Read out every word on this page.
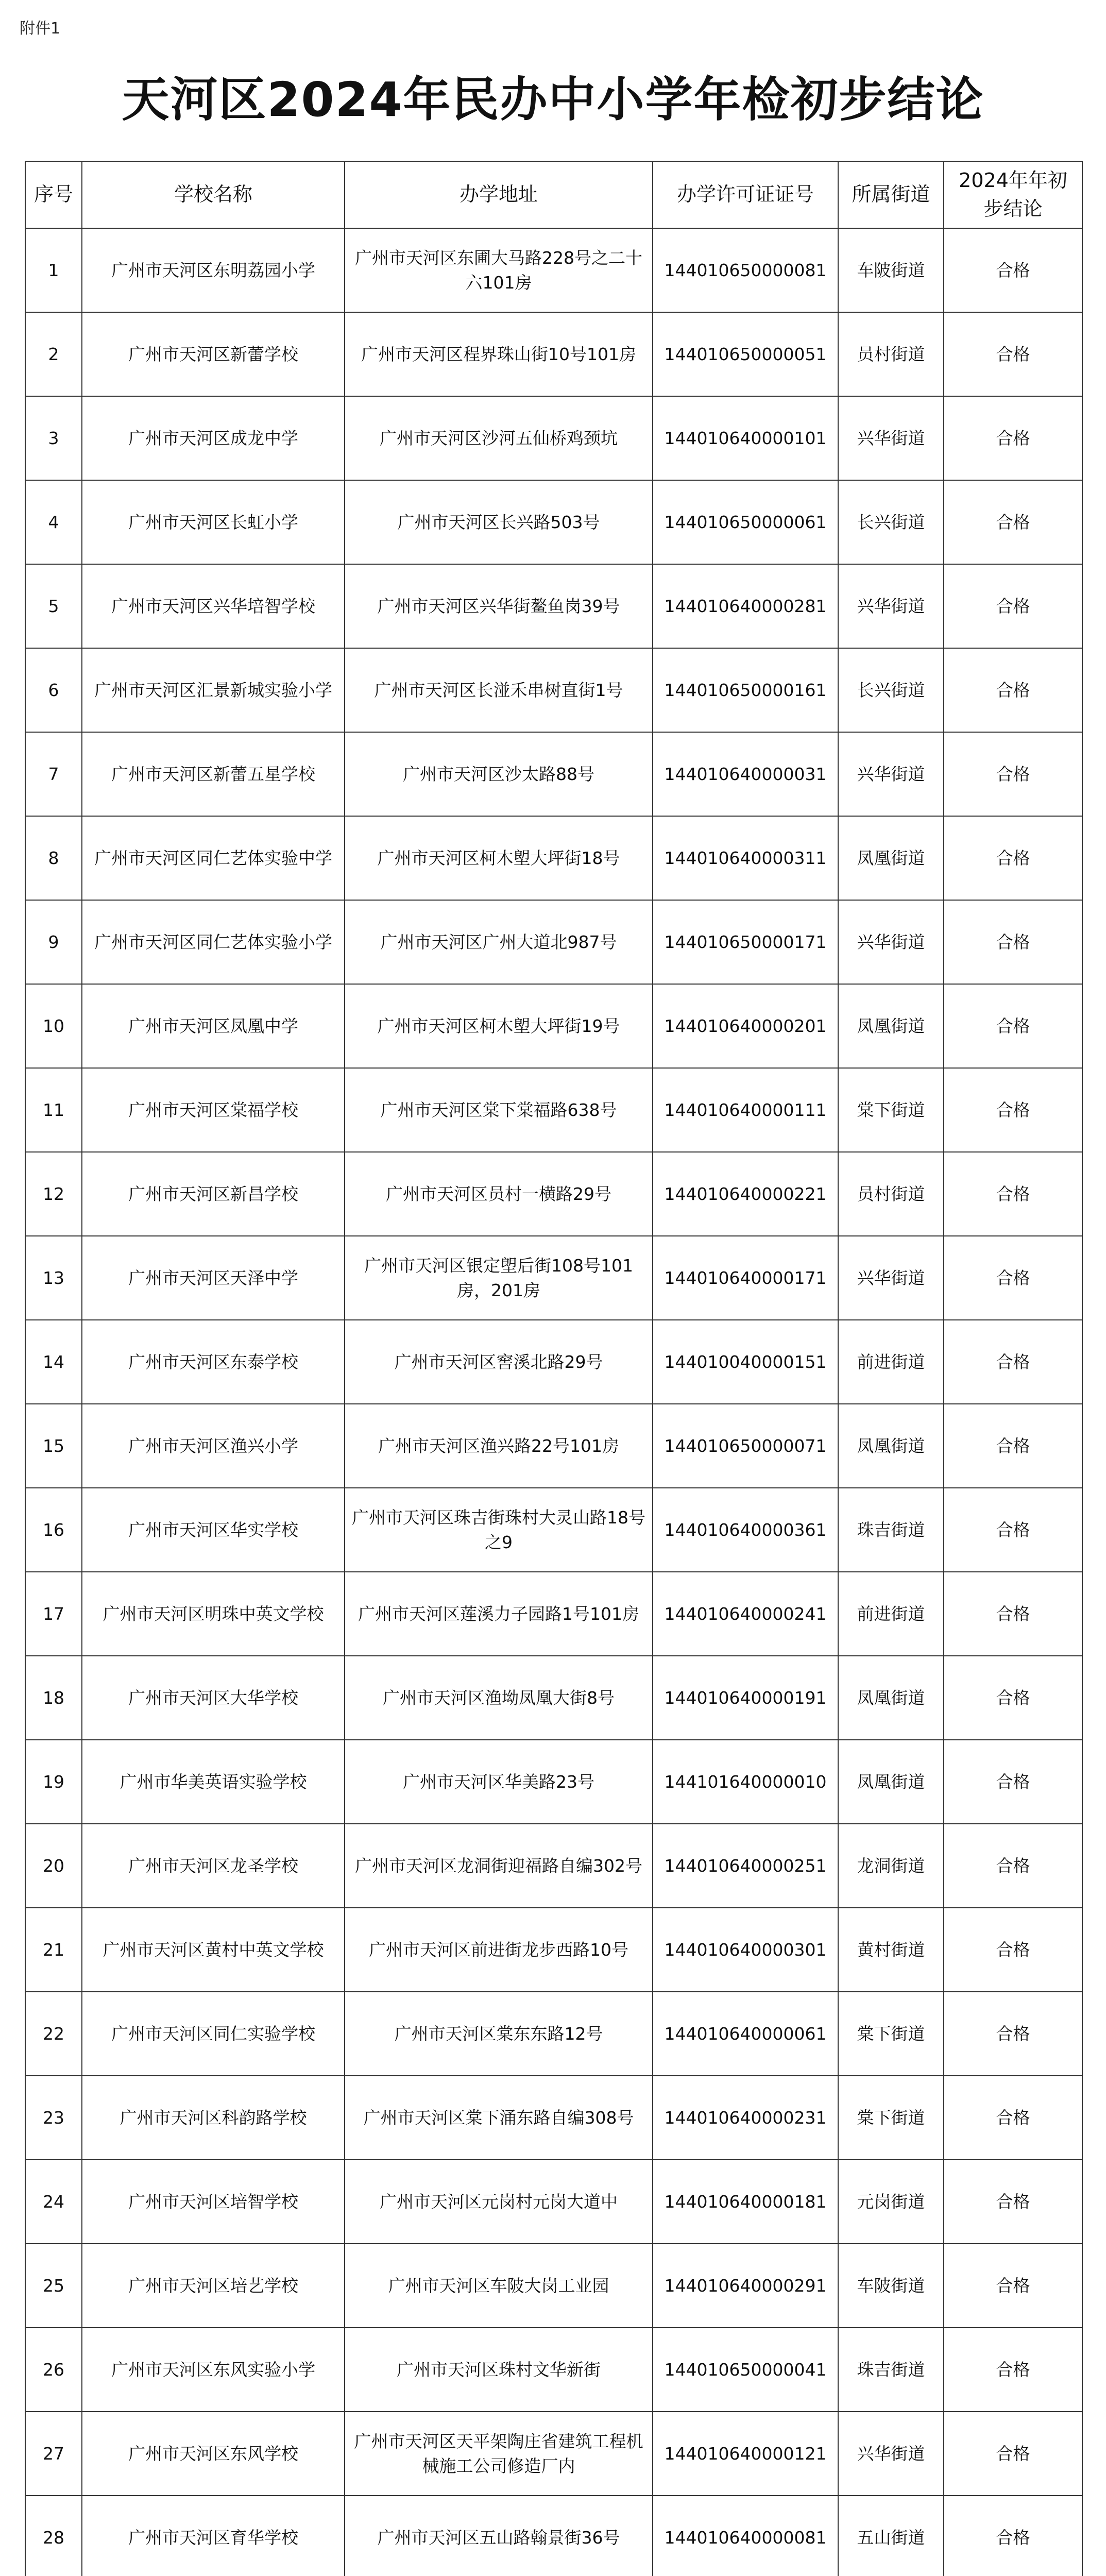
附件1
天河区2024年民办中小学年检初步结论
序号	学校名称	办学地址	办学许可证证号	所属街道	2024年年初步结论
1	广州市天河区东明荔园小学	广州市天河区东圃大马路228号之二十六101房	144010650000081	车陂街道	合格
2	广州市天河区新蕾学校	广州市天河区程界珠山街10号101房	144010650000051	员村街道	合格
3	广州市天河区成龙中学	广州市天河区沙河五仙桥鸡颈坑	144010640000101	兴华街道	合格
4	广州市天河区长虹小学	广州市天河区长兴路503号	144010650000061	长兴街道	合格
5	广州市天河区兴华培智学校	广州市天河区兴华街鳌鱼岗39号	144010640000281	兴华街道	合格
6	广州市天河区汇景新城实验小学	广州市天河区长湴禾串树直街1号	144010650000161	长兴街道	合格
7	广州市天河区新蕾五星学校	广州市天河区沙太路88号	144010640000031	兴华街道	合格
8	广州市天河区同仁艺体实验中学	广州市天河区柯木塱大坪街18号	144010640000311	凤凰街道	合格
9	广州市天河区同仁艺体实验小学	广州市天河区广州大道北987号	144010650000171	兴华街道	合格
10	广州市天河区凤凰中学	广州市天河区柯木塱大坪街19号	144010640000201	凤凰街道	合格
11	广州市天河区棠福学校	广州市天河区棠下棠福路638号	144010640000111	棠下街道	合格
12	广州市天河区新昌学校	广州市天河区员村一横路29号	144010640000221	员村街道	合格
13	广州市天河区天泽中学	广州市天河区银定塱后街108号101房，201房	144010640000171	兴华街道	合格
14	广州市天河区东泰学校	广州市天河区窖溪北路29号	144010040000151	前进街道	合格
15	广州市天河区渔兴小学	广州市天河区渔兴路22号101房	144010650000071	凤凰街道	合格
16	广州市天河区华实学校	广州市天河区珠吉街珠村大灵山路18号之9	144010640000361	珠吉街道	合格
17	广州市天河区明珠中英文学校	广州市天河区莲溪力子园路1号101房	144010640000241	前进街道	合格
18	广州市天河区大华学校	广州市天河区渔坳凤凰大街8号	144010640000191	凤凰街道	合格
19	广州市华美英语实验学校	广州市天河区华美路23号	144101640000010	凤凰街道	合格
20	广州市天河区龙圣学校	广州市天河区龙洞街迎福路自编302号	144010640000251	龙洞街道	合格
21	广州市天河区黄村中英文学校	广州市天河区前进街龙步西路10号	144010640000301	黄村街道	合格
22	广州市天河区同仁实验学校	广州市天河区棠东东路12号	144010640000061	棠下街道	合格
23	广州市天河区科韵路学校	广州市天河区棠下涌东路自编308号	144010640000231	棠下街道	合格
24	广州市天河区培智学校	广州市天河区元岗村元岗大道中	144010640000181	元岗街道	合格
25	广州市天河区培艺学校	广州市天河区车陂大岗工业园	144010640000291	车陂街道	合格
26	广州市天河区东风实验小学	广州市天河区珠村文华新街	144010650000041	珠吉街道	合格
27	广州市天河区东风学校	广州市天河区天平架陶庄省建筑工程机械施工公司修造厂内	144010640000121	兴华街道	合格
28	广州市天河区育华学校	广州市天河区五山路翰景街36号	144010640000081	五山街道	合格
